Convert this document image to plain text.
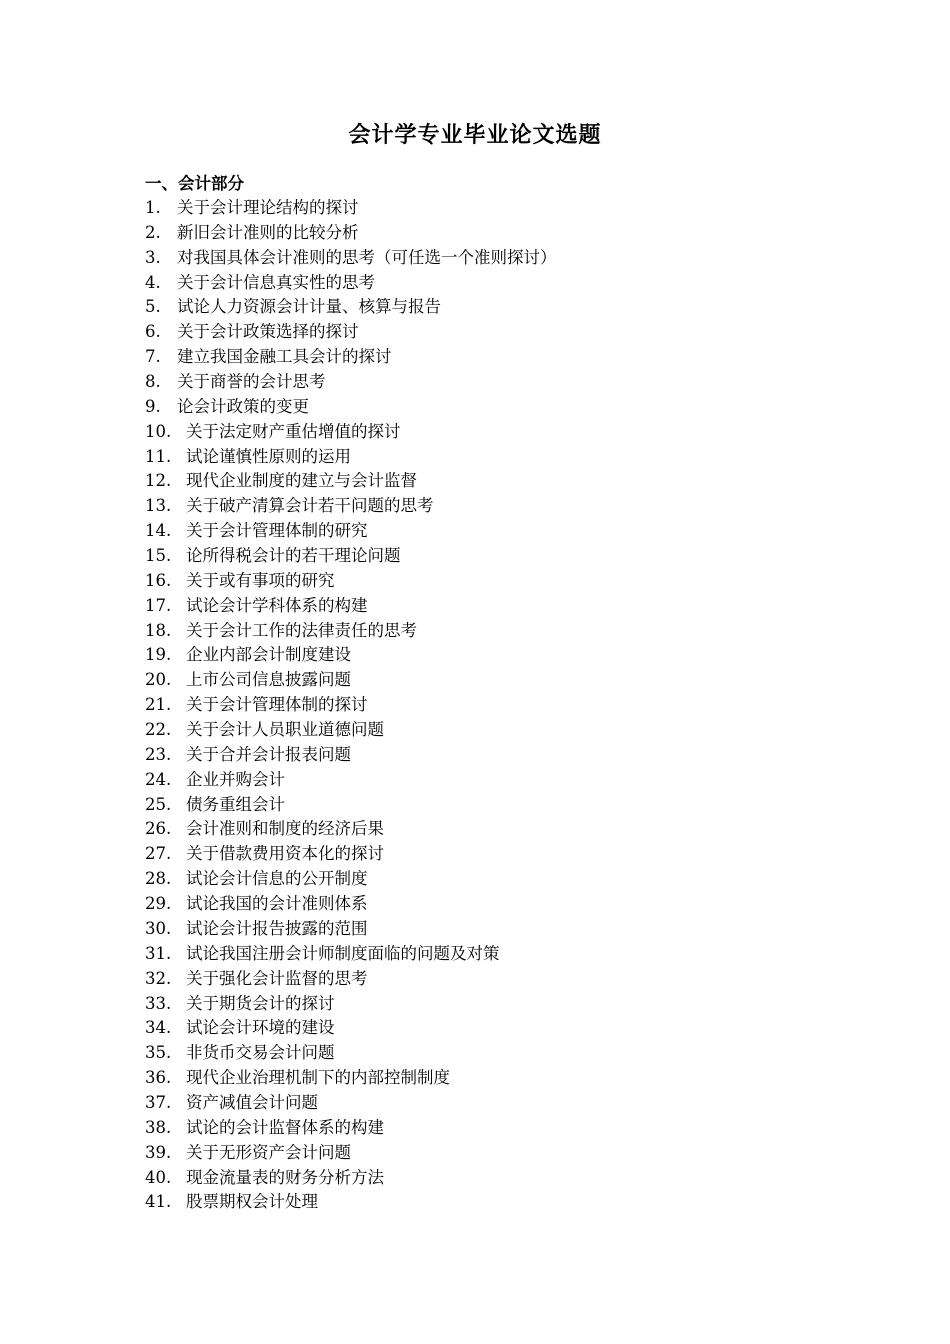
会计学专业毕业论文选题
一、会计部分
1. 关于会计理论结构的探讨
2. 新旧会计准则的比较分析
3. 对我国具体会计准则的思考（可任选一个准则探讨）
4. 关于会计信息真实性的思考
5. 试论人力资源会计计量、核算与报告
6. 关于会计政策选择的探讨
7. 建立我国金融工具会计的探讨
8. 关于商誉的会计思考
9. 论会计政策的变更
10. 关于法定财产重估增值的探讨
11. 试论谨慎性原则的运用
12. 现代企业制度的建立与会计监督
13. 关于破产清算会计若干问题的思考
14. 关于会计管理体制的研究
15. 论所得税会计的若干理论问题
16. 关于或有事项的研究
17. 试论会计学科体系的构建
18. 关于会计工作的法律责任的思考
19. 企业内部会计制度建设
20. 上市公司信息披露问题
21. 关于会计管理体制的探讨
22. 关于会计人员职业道德问题
23. 关于合并会计报表问题
24. 企业并购会计
25. 债务重组会计
26. 会计准则和制度的经济后果
27. 关于借款费用资本化的探讨
28. 试论会计信息的公开制度
29. 试论我国的会计准则体系
30. 试论会计报告披露的范围
31. 试论我国注册会计师制度面临的问题及对策
32. 关于强化会计监督的思考
33. 关于期货会计的探讨
34. 试论会计环境的建设
35. 非货币交易会计问题
36. 现代企业治理机制下的内部控制制度
37. 资产减值会计问题
38. 试论的会计监督体系的构建
39. 关于无形资产会计问题
40. 现金流量表的财务分析方法
41. 股票期权会计处理
